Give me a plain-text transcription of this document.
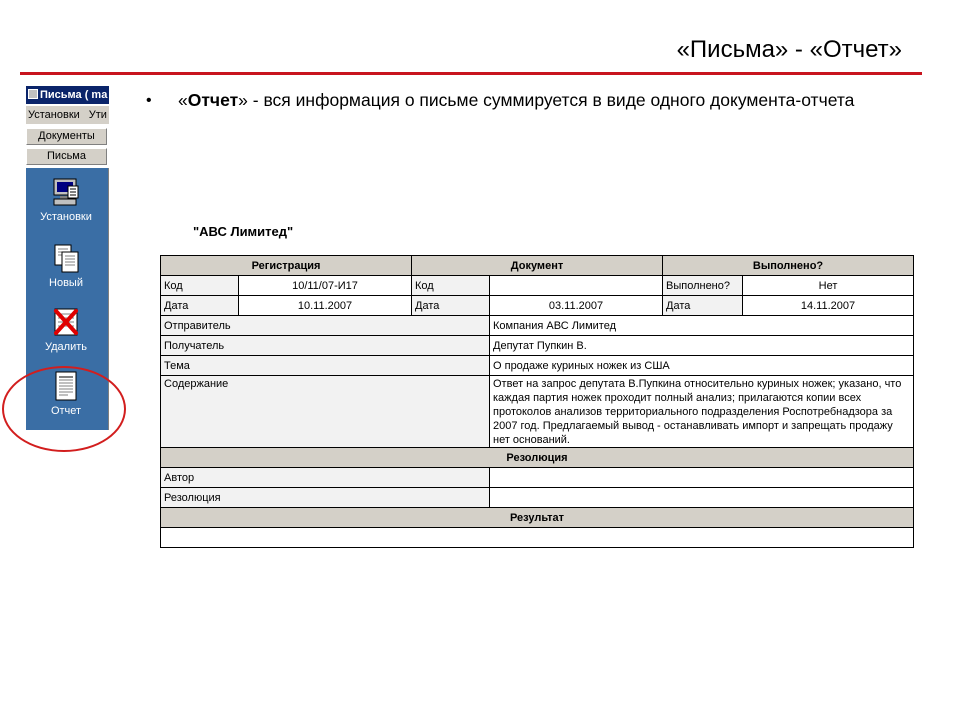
«Письма» - «Отчет»
• «Отчет» - вся информация о письме суммируется в виде одного документа-отчета
Письма ( ma
Установки Ути
Документы
Письма
Установки
Новый
Удалить
Отчет
"АВС Лимитед"
Регистрация		Документ		Выполнено?	
Код	10/11/07-И17	Код		Выполнено?	Нет
Дата	10.11.2007	Дата	03.11.2007	Дата	14.11.2007
Отправитель			Компания АВС Лимитед		
Получатель			Депутат Пупкин В.		
Тема			О продаже куриных ножек из США		
Содержание			Ответ на запрос депутата В.Пупкина относительно куриных ножек; указано, что каждая партия ножек проходит полный анализ; прилагаются копии всех протоколов анализов территориального подразделения Роспотребнадзора за 2007 год. Предлагаемый вывод - останавливать импорт и запрещать продажу нет оснований.		
Резолюция					
Автор					
Резолюция					
Результат					
